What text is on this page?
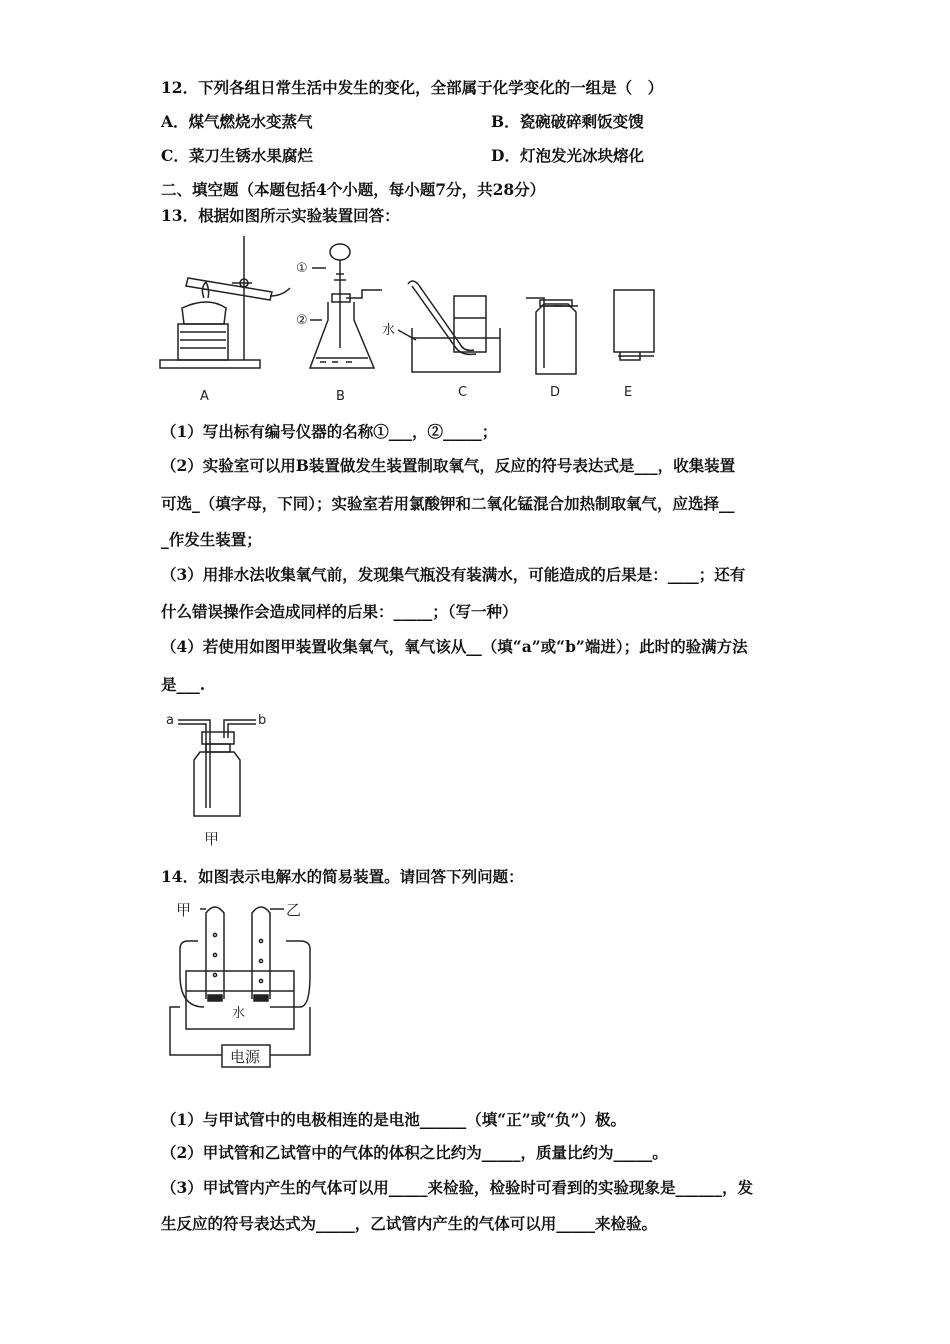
12．下列各组日常生活中发生的变化，全部属于化学变化的一组是（　）
A．煤气燃烧水变蒸气	B．瓷碗破碎剩饭变馊
C．菜刀生锈水果腐烂	D．灯泡发光冰块熔化
二、填空题（本题包括4个小题，每小题7分，共28分）
13．根据如图所示实验装置回答：
A	B	C	D	E
①
②
水
（1）写出标有编号仪器的名称①___，②_____；
（2）实验室可以用B装置做发生装置制取氧气，反应的符号表达式是___，收集装置
可选_（填字母，下同）；实验室若用氯酸钾和二氧化锰混合加热制取氧气，应选择__
_作发生装置；
（3）用排水法收集氧气前，发现集气瓶没有装满水，可能造成的后果是：____；还有
什么错误操作会造成同样的后果：_____；（写一种）
（4）若使用如图甲装置收集氧气，氧气该从__（填“a”或“b”端进）；此时的验满方法
是___.
a	b
甲
14．如图表示电解水的简易装置。请回答下列问题：
甲	乙
水
电源
（1）与甲试管中的电极相连的是电池______（填“正”或“负”）极。
（2）甲试管和乙试管中的气体的体积之比约为_____，质量比约为_____。
（3）甲试管内产生的气体可以用_____来检验，检验时可看到的实验现象是______，发
生反应的符号表达式为_____，乙试管内产生的气体可以用_____来检验。
